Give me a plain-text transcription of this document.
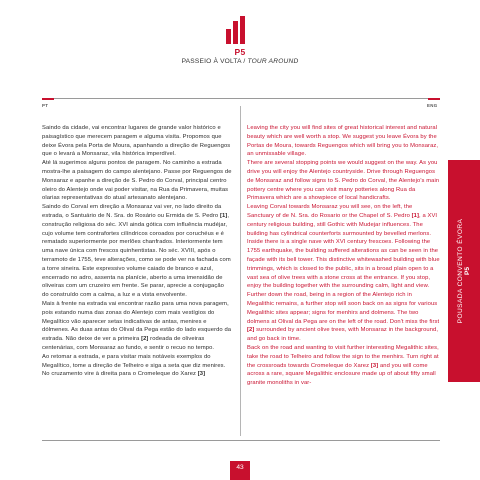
P5
PASSEIO À VOLTA / TOUR AROUND
PT	ENG

Saindo da cidade, vai encontrar lugares de grande valor histórico e paisagístico que merecem paragem e alguma visita. Propomos que deixe Évora pela Porta de Moura, apanhando a direção de Reguengos que o levará a Monsaraz, vila histórica imperdível.

Até lá sugerimos alguns pontos de paragem. No caminho a estrada mostra-lhe a paisagem do campo alentejano. Passe por Reguengos de Monsaraz e apanhe a direção de S. Pedro do Corval, principal centro oleiro do Alentejo onde vai poder visitar, na Rua da Primavera, muitas olarias representativas do atual artesanato alentejano.

Saindo do Corval em direção a Monsaraz vai ver, no lado direito da estrada, o Santuário de N. Sra. do Rosário ou Ermida de S. Pedro [1], construção religiosa do séc. XVI ainda gótica com influência mudéjar, cujo volume tem contrafortes cilíndricos coroados por coruchéus e é rematado superiormente por merlões chanfrados. Interiormente tem uma nave única com frescos quinhentistas. No séc. XVIII, após o terramoto de 1755, teve alterações, como se pode ver na fachada com a torre sineira. Este expressivo volume caiado de branco e azul, encerrado no adro, assenta na planície, aberto a uma imensidão de oliveiras com um cruzeiro em frente. Se parar, aprecie a conjugação do construído com a calma, a luz e a vista envolvente.

Mais à frente na estrada vai encontrar razão para uma nova paragem, pois estando numa das zonas do Alentejo com mais vestígios do Megalítico vão aparecer setas indicativas de antas, menires e dólmenes. As duas antas do Olival da Pega estão do lado esquerdo da estrada. Não deixe de ver a primeira [2] rodeada de oliveiras centenárias, com Monsaraz ao fundo, e sentir o recuo no tempo.

Ao retomar a estrada, e para visitar mais notáveis exemplos do Megalítico, tome a direção de Telheiro e siga a seta que diz menires. No cruzamento vire à direita para o Cromeleque do Xarez [3]

Leaving the city you will find sites of great historical interest and natural beauty which are well worth a stop. We suggest you leave Évora by the Portas de Moura, towards Reguengos which will bring you to Monsaraz, an unmissable village.

There are several stopping points we would suggest on the way. As you drive you will enjoy the Alentejo countryside. Drive through Reguengos de Monsaraz and follow signs to S. Pedro do Corval, the Alentejo's main pottery centre where you can visit many potteries along Rua da Primavera which are a showpiece of local handicrafts.

Leaving Corval towards Monsaraz you will see, on the left, the Sanctuary of de N. Sra. do Rosario or the Chapel of S. Pedro [1], a XVI century religious building, still Gothic with Mudejar influences. The building has cylindrical counterforts surmounted by bevelled merlons. Inside there is a single nave with XVI century frescoes. Following the 1755 earthquake, the building suffered alterations as can be seen in the façade with its bell tower. This distinctive whitewashed building with blue trimmings, which is closed to the public, sits in a broad plain open to a vast sea of olive trees with a stone cross at the entrance. If you stop, enjoy the building together with the surrounding calm, light and view.

Further down the road, being in a region of the Alentejo rich in Megalithic remains, a further stop will soon back on as signs for various Megalithic sites appear; signs for menhirs and dolmens. The two dolmens at Olival da Pega are on the left of the road. Don't miss the first [2] surrounded by ancient olive trees, with Monsaraz in the background, and go back in time.

Back on the road and wanting to visit further interesting Megalithic sites, take the road to Telheiro and follow the sign to the menhirs. Turn right at the crossroads towards Cromeleque do Xarez [3] and you will come across a rare, square Megalithic enclosure made up of about fifty small granite monoliths in var-

POUSADA CONVENTO ÉVORA P5
43
